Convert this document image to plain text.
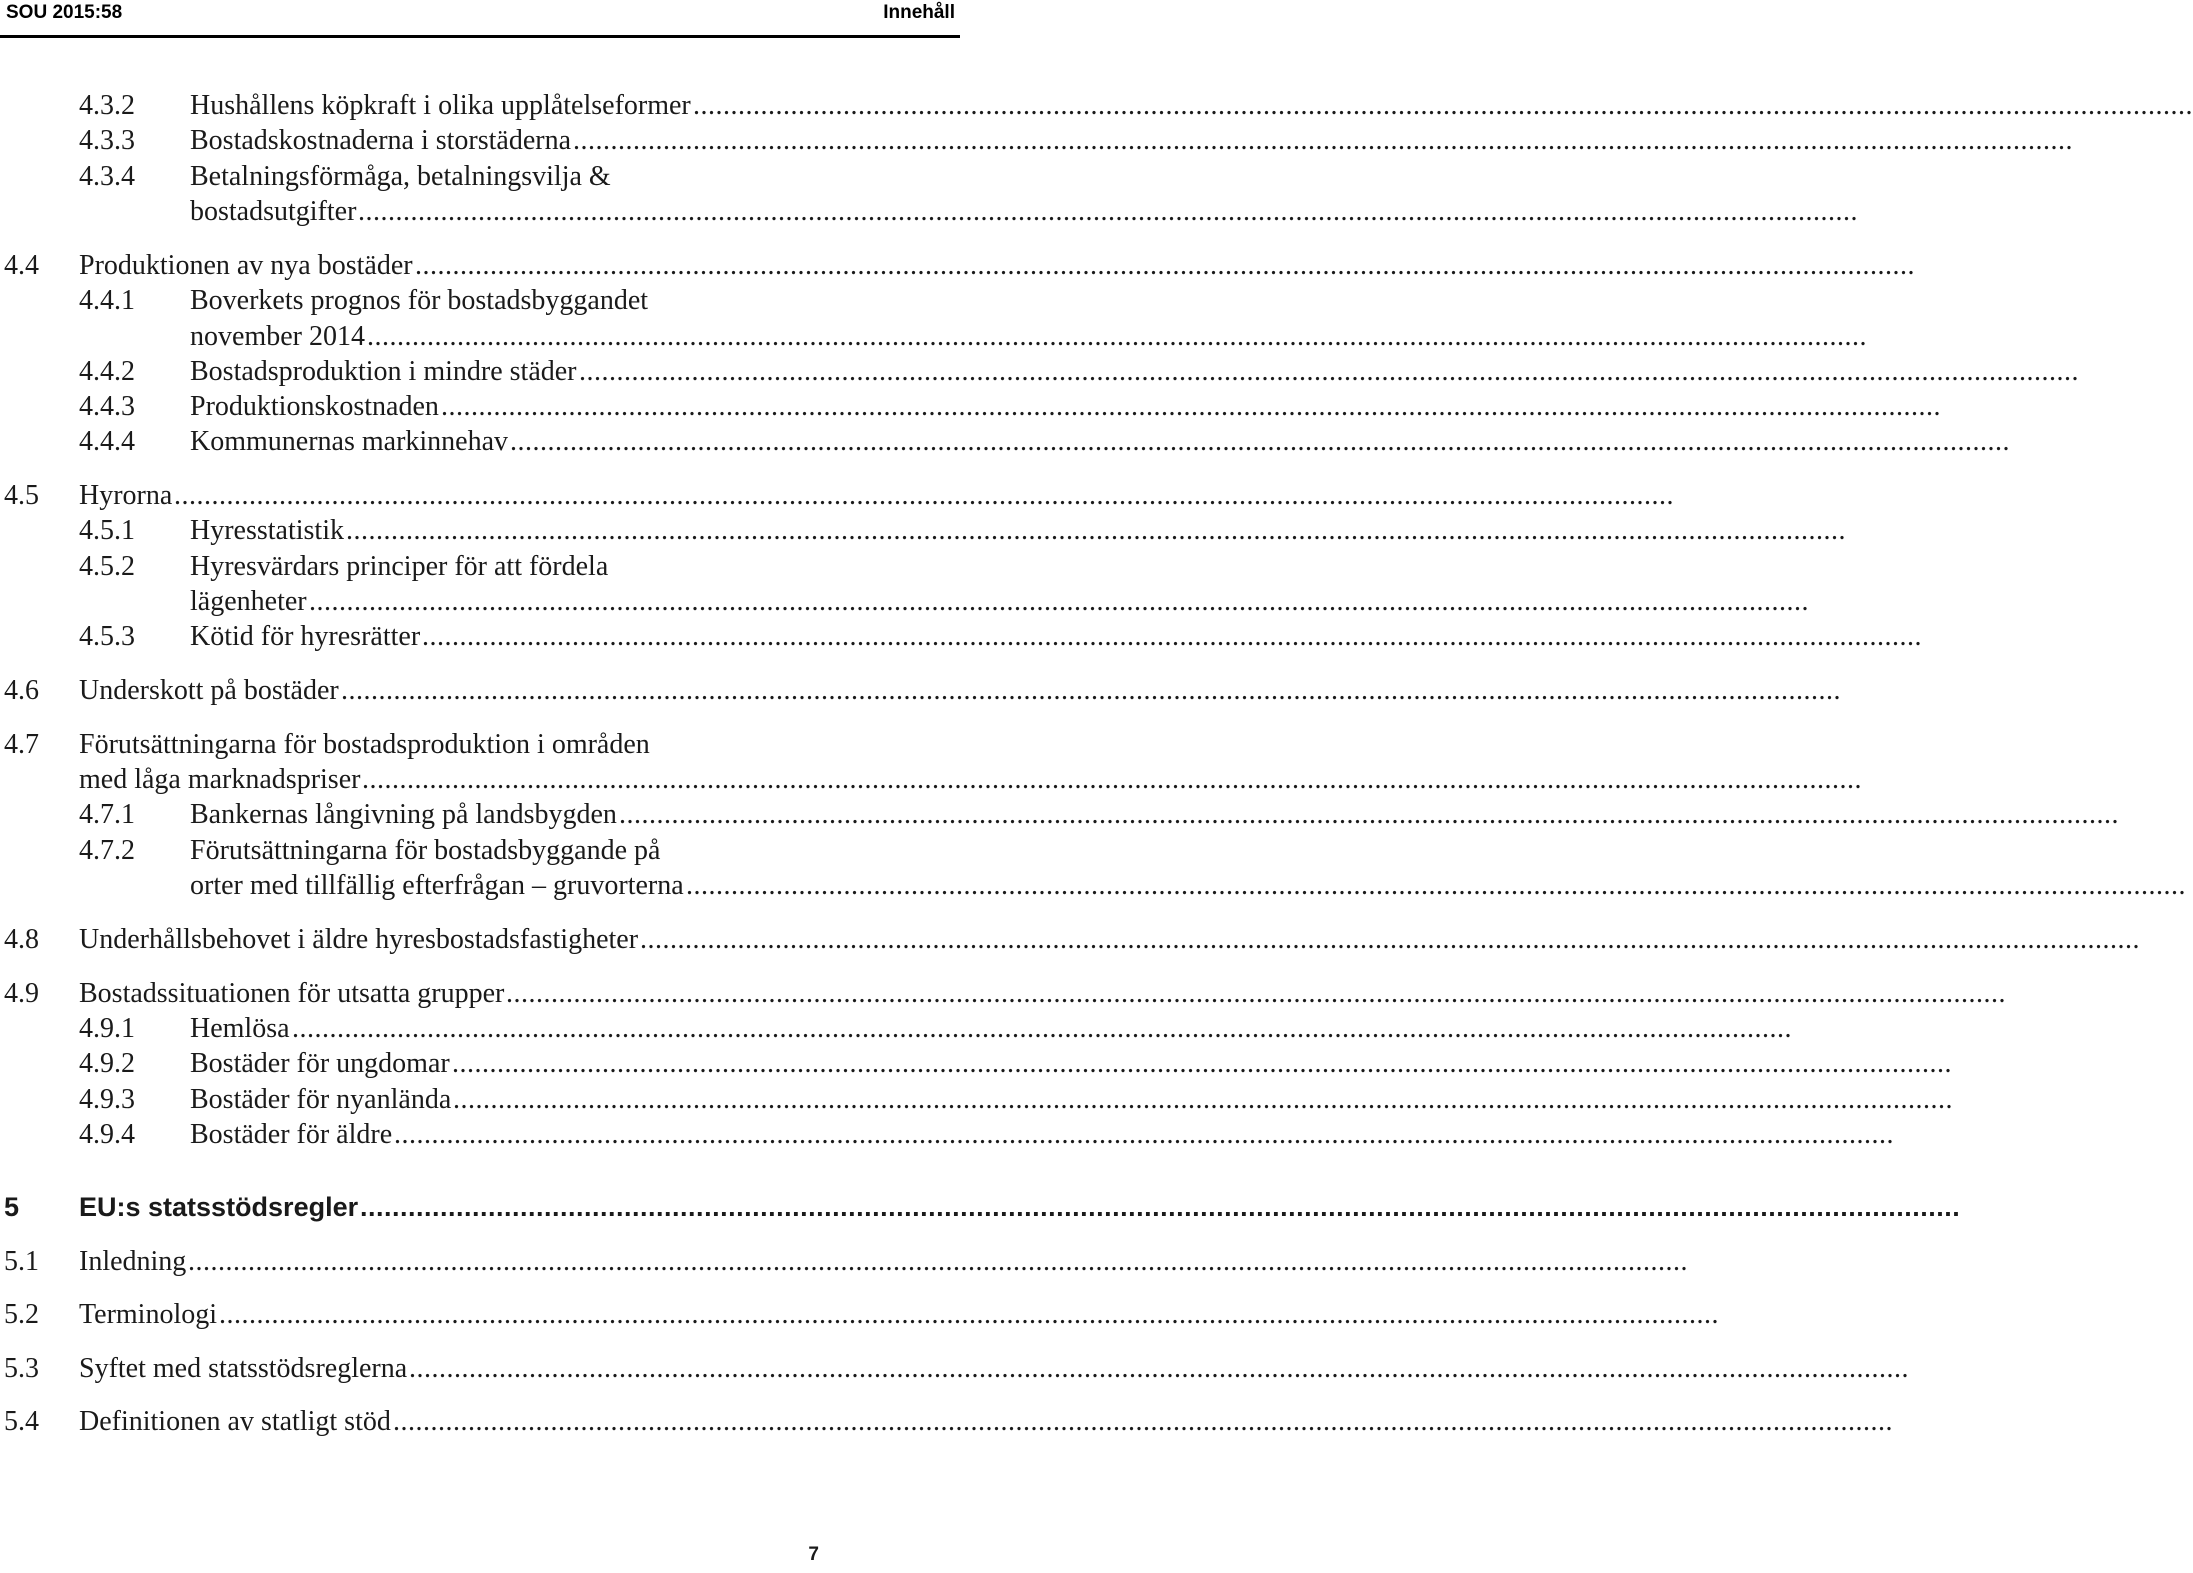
SOU 2015:58	Innehåll
4.3.2 Hushållens köpkraft i olika upplåtelseformer ........................................................................................................................................................................................................
4.3.3 Bostadskostnaderna i storstäderna ........................................................................................................................................................................................................
4.3.4 Betalningsförmåga, betalningsvilja &
bostadsutgifter ........................................................................................................................................................................................................
4.4 Produktionen av nya bostäder ........................................................................................................................................................................................................
4.4.1 Boverkets prognos för bostadsbyggandet
november 2014 ........................................................................................................................................................................................................
4.4.2 Bostadsproduktion i mindre städer ........................................................................................................................................................................................................
4.4.3 Produktionskostnaden ........................................................................................................................................................................................................
4.4.4 Kommunernas markinnehav ........................................................................................................................................................................................................
4.5 Hyrorna ........................................................................................................................................................................................................
4.5.1 Hyresstatistik ........................................................................................................................................................................................................
4.5.2 Hyresvärdars principer för att fördela
lägenheter ........................................................................................................................................................................................................
4.5.3 Kötid för hyresrätter ........................................................................................................................................................................................................
4.6 Underskott på bostäder ........................................................................................................................................................................................................
4.7 Förutsättningarna för bostadsproduktion i områden
med låga marknadspriser ........................................................................................................................................................................................................
4.7.1 Bankernas långivning på landsbygden ........................................................................................................................................................................................................
4.7.2 Förutsättningarna för bostadsbyggande på
orter med tillfällig efterfrågan – gruvorterna ........................................................................................................................................................................................................
4.8 Underhållsbehovet i äldre hyresbostadsfastigheter ........................................................................................................................................................................................................
4.9 Bostadssituationen för utsatta grupper ........................................................................................................................................................................................................
4.9.1 Hemlösa ........................................................................................................................................................................................................
4.9.2 Bostäder för ungdomar ........................................................................................................................................................................................................
4.9.3 Bostäder för nyanlända ........................................................................................................................................................................................................
4.9.4 Bostäder för äldre ........................................................................................................................................................................................................
5 EU:s statsstödsregler ........................................................................................................................................................................................................
5.1 Inledning ........................................................................................................................................................................................................
5.2 Terminologi ........................................................................................................................................................................................................
5.3 Syftet med statsstödsreglerna ........................................................................................................................................................................................................
5.4 Definitionen av statligt stöd ........................................................................................................................................................................................................
7
